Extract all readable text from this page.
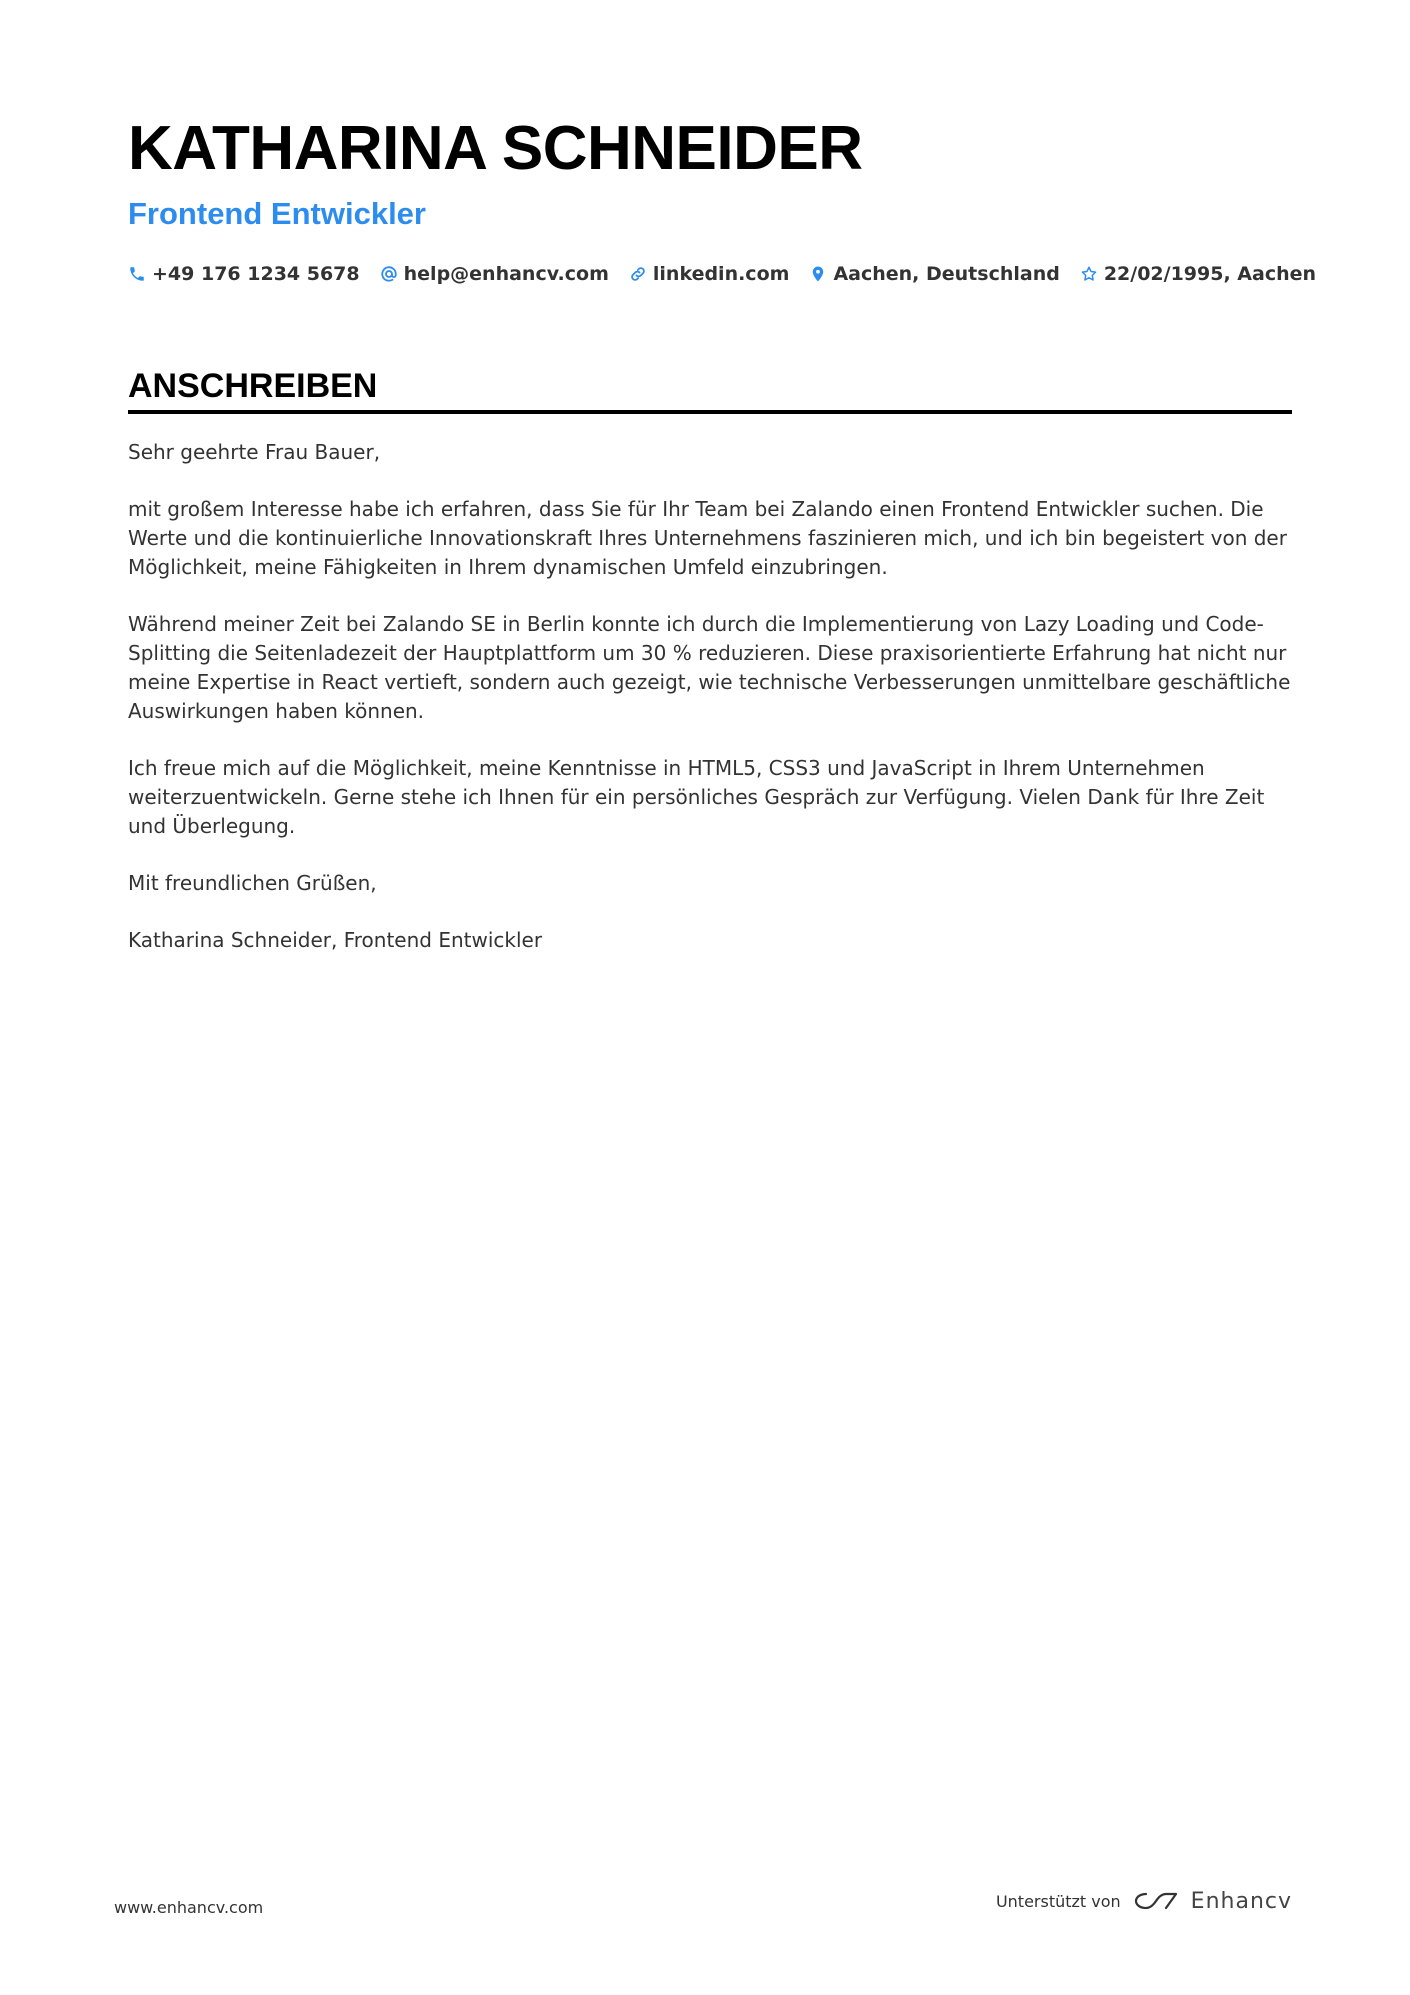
KATHARINA SCHNEIDER
Frontend Entwickler
+49 176 1234 5678 help@enhancv.com linkedin.com Aachen, Deutschland 22/02/1995, Aachen
ANSCHREIBEN

Sehr geehrte Frau Bauer,

mit großem Interesse habe ich erfahren, dass Sie für Ihr Team bei Zalando einen Frontend Entwickler suchen. Die Werte und die kontinuierliche Innovationskraft Ihres Unternehmens faszinieren mich, und ich bin begeistert von der Möglichkeit, meine Fähigkeiten in Ihrem dynamischen Umfeld einzubringen.

Während meiner Zeit bei Zalando SE in Berlin konnte ich durch die Implementierung von Lazy Loading und Code-Splitting die Seitenladezeit der Hauptplattform um 30 % reduzieren. Diese praxisorientierte Erfahrung hat nicht nur meine Expertise in React vertieft, sondern auch gezeigt, wie technische Verbesserungen unmittelbare geschäftliche Auswirkungen haben können.

Ich freue mich auf die Möglichkeit, meine Kenntnisse in HTML5, CSS3 und JavaScript in Ihrem Unternehmen weiterzuentwickeln. Gerne stehe ich Ihnen für ein persönliches Gespräch zur Verfügung. Vielen Dank für Ihre Zeit und Überlegung.

Mit freundlichen Grüßen,

Katharina Schneider, Frontend Entwickler

www.enhancv.com	Unterstützt von	Enhancv
